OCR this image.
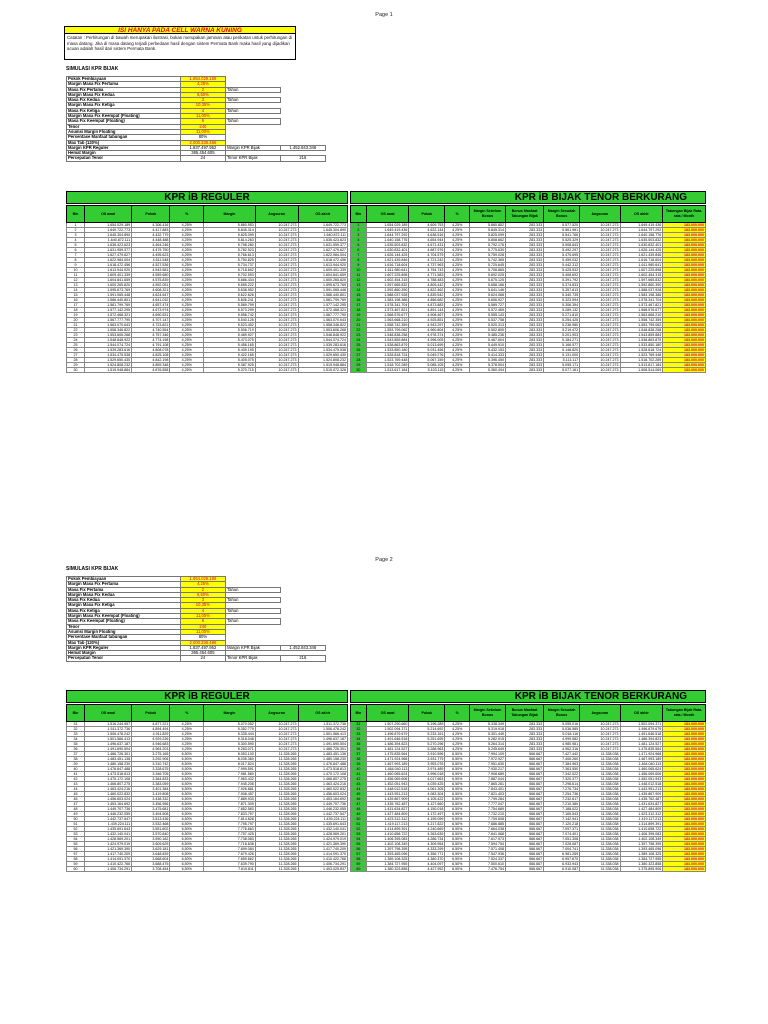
Page 1
ISI HANYA PADA CELL WARNA KUNING
Catatan : Perhitungan di bawah merupakan ilustrasi, bukan merupakan jaminan atau perikatan untuk perhitungan di masa datang. Jika di masa datang terjadi perbedaan hasil dengan sistem Permata Bank maka hasil yang dijadikan acuan adalah hasil dari sistem Permata Bank.
SIMULASI KPR BIJAK
Pokok Pembiayaan	1.654.029.189		
Margin Masa Fix Pertama	4,25%		
Masa Fix Pertama	2	Tahun	
Margin Masa Fix Kedua	6,50%		
Masa Fix Kedua	3	Tahun	
Margin Masa Fix Ketiga	10,35%		
Masa Fix Ketiga	4	Tahun	
Margin Masa Fix Keempat (Floating)	11,00%		
Masa Fix Keempat (Floating)	6	Tahun	
Tenor	240		
Asumsi Margin Floating	11,00%		
Persentase Manfaat tabungan	80%		
Max Tab (120%)	2.000.336.486		
Margin KPR Reguler	1.837.497.952	Margin KPR Bijak	1.452.843.346
Hemat Margin	365.454.605		
Percepatan Tenor	24	Tenor KPR Bijak	216
KPR iB REGULER	KPR iB BIJAK TENOR BERKURANG
Bln	OS awal	Pokok	%	Margin	Angsuran	OS akhir
1	1.654.029.189	4.306.416	4,25%	5.860.953	10.247.273	1.649.722.773
2	1.649.722.773	4.417.883	4,25%	5.845.314	10.247.273	1.645.304.890
3	1.645.304.890	4.432.779	4,25%	5.825.099	10.247.273	1.640.872.111
4	1.640.872.111	4.448.488	4,25%	5.814.263	10.247.273	1.636.423.623
5	1.636.423.623	4.464.246	4,25%	5.798.280	10.247.273	1.631.959.377
6	1.631.959.377	4.479.750	4,25%	5.782.523	10.247.273	1.627.479.627
7	1.627.479.627	4.495.623	4,25%	5.766.613	10.247.273	1.622.984.004
8	1.622.984.004	4.511.548	4,25%	5.750.825	10.247.273	1.618.472.456
9	1.618.472.456	4.527.536	4,25%	5.734.737	10.247.273	1.613.944.920
10	1.613.944.920	4.543.581	4,25%	5.718.692	10.247.273	1.609.401.339
11	1.609.401.339	4.559.680	4,25%	5.702.593	10.247.273	1.604.841.659
12	1.604.841.659	4.575.839	4,25%	5.686.434	10.247.273	1.600.265.820
13	1.600.265.820	4.592.051	4,25%	5.655.222	10.247.273	1.595.673.769
14	1.595.673.769	4.608.321	4,25%	5.638.952	10.247.273	1.591.065.448
15	1.591.065.448	4.624.647	4,25%	5.622.626	10.247.273	1.586.440.801
16	1.586.440.801	4.641.032	4,25%	5.606.241	10.247.273	1.581.799.769
17	1.581.799.769	4.657.474	4,25%	5.589.799	10.247.273	1.577.142.295
18	1.577.142.295	4.673.974	4,25%	5.573.299	10.247.273	1.572.468.321
19	1.572.468.321	4.690.531	4,25%	5.556.742	10.247.273	1.567.777.790
20	1.567.777.790	4.707.147	4,25%	5.540.126	10.247.273	1.563.070.643
21	1.563.070.643	4.723.821	4,25%	5.523.452	10.247.273	1.558.346.822
22	1.558.346.822	4.740.554	4,25%	5.506.719	10.247.273	1.553.606.268
23	1.553.606.268	4.757.346	4,25%	5.489.927	10.247.273	1.548.848.922
24	1.548.848.922	4.774.198	4,25%	5.473.075	10.247.273	1.544.074.724
25	1.544.074.724	4.791.108	4,25%	5.456.165	10.247.273	1.539.283.616
26	1.539.283.616	4.808.078	4,25%	5.439.195	10.247.273	1.534.475.538
27	1.534.475.538	4.825.108	4,25%	5.422.165	10.247.273	1.529.650.430
28	1.529.650.430	4.842.198	4,25%	5.405.075	10.247.273	1.524.808.232
29	1.524.808.232	4.859.348	4,25%	5.387.925	10.247.273	1.519.948.884
30	1.519.948.884	4.876.558	4,25%	5.370.715	10.247.273	1.515.072.326
Bln	OS awal	Pokok	%	Margin Sebelum Bonus	Bonus Manfaat Tabungan Bijak	Margin Sesudah Bonus	Angsuran	OS akhir	Tabungan Bijak Rata-rata / Month
1	1.654.029.189	4.609.753	4,25%	5.860.852	283.333	5.577.520	10.247.273	1.649.419.436	183.000.000
2	1.649.419.436	4.622.144	4,25%	5.845.314	283.333	5.561.981	10.247.273	1.644.797.292	183.000.000
3	1.644.797.292	4.638.516	4,25%	5.825.099	283.333	5.541.766	10.247.273	1.640.158.776	183.000.000
4	1.640.158.776	4.654.944	4,25%	5.808.662	283.333	5.525.329	10.247.273	1.635.503.832	183.000.000
5	1.635.503.832	4.671.431	4,25%	5.792.176	283.333	5.508.843	10.247.273	1.630.832.401	183.000.000
6	1.630.832.401	4.687.976	4,25%	5.775.630	283.333	5.492.297	10.247.273	1.626.144.425	183.000.000
7	1.626.144.425	4.704.579	4,25%	5.759.028	283.333	5.475.695	10.247.273	1.621.439.846	183.000.000
8	1.621.439.846	4.721.242	4,25%	5.742.365	283.333	5.459.032	10.247.273	1.616.718.604	183.000.000
9	1.616.718.604	4.737.963	4,25%	5.725.645	283.333	5.442.312	10.247.273	1.611.980.641	183.000.000
10	1.611.980.641	4.754.743	4,25%	5.708.865	283.333	5.425.532	10.247.273	1.607.225.898	183.000.000
11	1.607.225.898	4.771.583	4,25%	5.692.025	283.333	5.408.692	10.247.273	1.602.454.315	183.000.000
12	1.602.454.315	4.788.483	4,25%	5.675.125	283.333	5.391.792	10.247.273	1.597.665.832	183.000.000
13	1.597.665.832	4.805.442	4,25%	5.658.166	283.333	5.374.833	10.247.273	1.592.860.390	183.000.000
14	1.592.860.390	4.822.462	4,25%	5.641.146	283.333	5.357.813	10.247.273	1.588.037.928	183.000.000
15	1.588.037.928	4.839.542	4,25%	5.624.068	283.333	5.340.735	10.247.273	1.583.198.386	183.000.000
16	1.583.198.386	4.856.682	4,25%	5.606.927	283.333	5.323.594	10.247.273	1.578.341.704	183.000.000
17	1.578.341.704	4.873.883	4,25%	5.589.727	283.333	5.306.394	10.247.273	1.573.467.821	183.000.000
18	1.573.467.821	4.891.144	4,25%	5.572.465	283.333	5.289.132	10.247.273	1.568.576.677	183.000.000
19	1.568.576.677	4.908.467	4,25%	5.555.143	283.333	5.271.810	10.247.273	1.563.668.210	183.000.000
20	1.563.668.210	4.925.851	4,25%	5.537.758	283.333	5.254.425	10.247.273	1.558.742.359	183.000.000
21	1.558.742.359	4.943.297	4,25%	5.520.313	283.333	5.236.980	10.247.273	1.553.799.062	183.000.000
22	1.553.799.062	4.960.804	4,25%	5.502.805	283.333	5.219.472	10.247.273	1.548.838.258	183.000.000
23	1.548.838.258	4.978.374	4,25%	5.485.236	283.333	5.201.903	10.247.273	1.543.859.884	183.000.000
24	1.543.859.884	4.996.005	4,25%	5.467.604	283.333	5.184.271	10.247.273	1.538.863.879	183.000.000
25	1.538.863.879	5.013.699	4,25%	5.449.910	283.333	5.166.577	10.247.273	1.533.850.180	183.000.000
26	1.533.850.180	5.031.456	4,25%	5.432.153	283.333	5.148.820	10.247.273	1.528.818.724	183.000.000
27	1.528.818.724	5.049.276	4,25%	5.414.333	283.333	5.131.000	10.247.273	1.523.769.448	183.000.000
28	1.523.769.448	5.067.159	4,25%	5.396.450	283.333	5.113.117	10.247.273	1.518.702.289	183.000.000
29	1.518.702.289	5.085.105	4,25%	5.378.504	283.333	5.095.171	10.247.273	1.513.617.184	183.000.000
30	1.513.617.184	5.103.115	4,25%	5.360.494	283.333	5.077.161	10.247.273	1.508.514.069	183.000.000
Page 2
SIMULASI KPR BIJAK
Pokok Pembiayaan	1.654.029.189		
Margin Masa Fix Pertama	4,25%		
Masa Fix Pertama	2	Tahun	
Margin Masa Fix Kedua	6,50%		
Masa Fix Kedua	3	Tahun	
Margin Masa Fix Ketiga	10,35%		
Masa Fix Ketiga	4	Tahun	
Margin Masa Fix Keempat (Floating)	11,00%		
Masa Fix Keempat (Floating)	6	Tahun	
Tenor	240		
Asumsi Margin Floating	11,00%		
Persentase Manfaat tabungan	80%		
Max Tab (120%)	2.000.336.486		
Margin KPR Reguler	1.837.497.952	Margin KPR Bijak	1.452.843.346
Hemat Margin	365.454.605		
Percepatan Tenor	24	Tenor KPR Bijak	216
KPR iB REGULER	KPR iB BIJAK TENOR BERKURANG
Bln	OS awal	Pokok	%	Margin	Angsuran	OS akhir
31	1.516.244.957	4.877.221	4,25%	5.370.052	10.247.273	1.511.372.736
32	1.511.372.736	4.894.494	4,25%	5.352.779	10.247.273	1.506.478.242
33	1.506.478.242	4.911.829	4,25%	5.335.444	10.247.273	1.501.566.413
34	1.501.566.413	4.929.226	4,25%	5.318.048	10.247.273	1.496.637.187
35	1.496.637.187	4.946.683	4,25%	5.300.590	10.247.273	1.491.690.504
36	1.491.690.504	4.964.203	4,25%	5.283.071	10.247.273	1.486.726.301
37	1.486.726.301	3.275.165	6,50%	8.053.100	11.328.265	1.483.451.136
38	1.483.451.136	3.292.906	6,50%	8.035.360	11.328.265	1.480.158.230
39	1.480.158.230	3.310.742	6,50%	8.017.524	11.328.265	1.476.847.488
40	1.476.847.488	3.328.675	6,50%	7.999.591	11.328.265	1.473.518.813
41	1.473.518.813	3.346.705	6,50%	7.981.560	11.328.265	1.470.172.108
42	1.470.172.108	3.364.833	6,50%	7.963.432	11.328.265	1.466.807.275
43	1.466.807.275	3.383.059	6,50%	7.945.206	11.328.265	1.463.424.216
44	1.463.424.216	3.401.384	6,50%	7.926.881	11.328.265	1.460.022.832
45	1.460.022.832	3.419.808	6,50%	7.908.457	11.328.265	1.456.603.024
46	1.456.603.024	3.438.332	6,50%	7.889.933	11.328.265	1.453.164.692
47	1.453.164.692	3.456.956	6,50%	7.871.309	11.328.265	1.449.707.736
48	1.449.707.736	3.475.681	6,50%	7.852.583	11.328.265	1.446.232.055
49	1.446.232.055	3.494.508	6,50%	7.833.757	11.328.265	1.442.737.547
50	1.442.737.547	3.513.436	6,50%	7.814.828	11.328.265	1.439.224.111
51	1.439.224.111	3.532.468	6,50%	7.795.797	11.328.265	1.435.691.643
52	1.435.691.643	3.551.602	6,50%	7.776.663	11.328.265	1.432.140.041
53	1.432.140.041	3.570.840	6,50%	7.757.425	11.328.265	1.428.569.201
54	1.428.569.201	3.590.182	6,50%	7.738.083	11.328.265	1.424.979.019
55	1.424.979.019	3.609.629	6,50%	7.718.636	11.328.265	1.421.369.390
56	1.421.369.390	3.629.181	6,50%	7.699.084	11.328.265	1.417.740.209
57	1.417.740.209	3.648.839	6,50%	7.679.426	11.328.265	1.414.091.370
58	1.414.091.370	3.668.604	6,50%	7.659.662	11.328.265	1.410.422.766
59	1.410.422.766	3.688.475	6,50%	7.639.790	11.328.265	1.406.734.291
60	1.406.734.291	3.708.454	6,50%	7.619.811	11.328.265	1.403.025.837
Bln	OS awal	Pokok	%	Margin Sebelum Bonus	Bonus Manfaat Tabungan Bijak	Margin Sesudah Bonus	Angsuran	OS akhir	Tabungan Bijak Rata-rata / Month
31	1.507.290.660	5.196.289	4,25%	5.338.349	283.333	5.055.016	10.247.273	1.502.094.371	183.000.000
32	1.502.094.371	5.214.692	4,25%	5.319.918	283.333	5.036.585	10.247.273	1.496.879.679	183.000.000
33	1.496.879.679	5.233.161	4,25%	5.301.449	283.333	5.018.116	10.247.273	1.491.646.518	183.000.000
34	1.491.646.518	5.251.695	4,25%	5.282.915	283.333	4.999.582	10.247.273	1.486.394.823	183.000.000
35	1.486.394.823	5.270.296	4,25%	5.264.314	283.333	4.980.981	10.247.273	1.481.124.527	183.000.000
36	1.481.124.527	5.288.963	4,25%	5.245.649	283.333	4.962.316	10.247.273	1.475.835.564	183.000.000
37	1.475.835.564	3.910.596	6,50%	7.994.109	566.667	7.427.442	11.338.038	1.471.924.968	183.000.000
38	1.471.924.968	3.931.779	6,50%	7.972.927	566.667	7.406.260	11.338.038	1.467.993.189	183.000.000
39	1.467.993.189	3.953.076	6,50%	7.951.630	566.667	7.384.963	11.338.038	1.464.040.113	183.000.000
40	1.464.040.113	3.974.489	6,50%	7.930.217	566.667	7.363.550	11.338.038	1.460.065.624	183.000.000
41	1.460.065.624	3.996.018	6,50%	7.908.689	566.667	7.342.022	11.338.038	1.456.069.606	183.000.000
42	1.456.069.606	4.017.663	6,50%	7.887.044	566.667	7.320.377	11.338.038	1.452.051.943	183.000.000
43	1.452.051.943	4.039.425	6,50%	7.865.281	566.667	7.298.614	11.338.038	1.448.012.518	183.000.000
44	1.448.012.518	4.061.305	6,50%	7.843.401	566.667	7.276.734	11.338.038	1.443.951.213	183.000.000
45	1.443.951.213	4.083.304	6,50%	7.821.403	566.667	7.254.736	11.338.038	1.439.867.909	183.000.000
46	1.439.867.909	4.105.422	6,50%	7.799.284	566.667	7.232.617	11.338.038	1.435.762.487	183.000.000
47	1.435.762.487	4.127.660	6,50%	7.777.047	566.667	7.210.380	11.338.038	1.431.634.827	183.000.000
48	1.431.634.827	4.150.018	6,50%	7.754.689	566.667	7.188.022	11.338.038	1.427.484.809	183.000.000
49	1.427.484.809	4.172.497	6,50%	7.732.210	566.667	7.165.543	11.338.038	1.423.312.312	183.000.000
50	1.423.312.312	4.195.099	6,50%	7.709.608	566.667	7.142.941	11.338.038	1.419.117.213	183.000.000
51	1.419.117.213	4.217.822	6,50%	7.686.885	566.667	7.120.218	11.338.038	1.414.899.391	183.000.000
52	1.414.899.391	4.240.669	6,50%	7.664.038	566.667	7.097.371	11.338.038	1.410.658.722	183.000.000
53	1.410.658.722	4.263.639	6,50%	7.641.068	566.667	7.074.401	11.338.038	1.406.395.083	183.000.000
54	1.406.395.083	4.286.734	6,50%	7.617.973	566.667	7.051.306	11.338.038	1.402.108.349	183.000.000
55	1.402.108.349	4.309.954	6,50%	7.594.754	566.667	7.028.087	11.338.038	1.397.798.395	183.000.000
56	1.397.798.395	4.333.299	6,50%	7.571.408	566.667	7.004.741	11.338.038	1.393.465.096	183.000.000
57	1.393.465.096	4.356.771	6,50%	7.547.936	566.667	6.981.269	11.338.038	1.389.108.325	183.000.000
58	1.389.108.325	4.380.370	6,50%	7.524.337	566.667	6.957.670	11.338.038	1.384.727.955	183.000.000
59	1.384.727.955	4.404.097	6,50%	7.500.610	566.667	6.933.943	11.338.038	1.380.323.858	183.000.000
60	1.380.323.858	4.427.952	6,50%	7.476.754	566.667	6.910.087	11.338.038	1.375.895.906	183.000.000
